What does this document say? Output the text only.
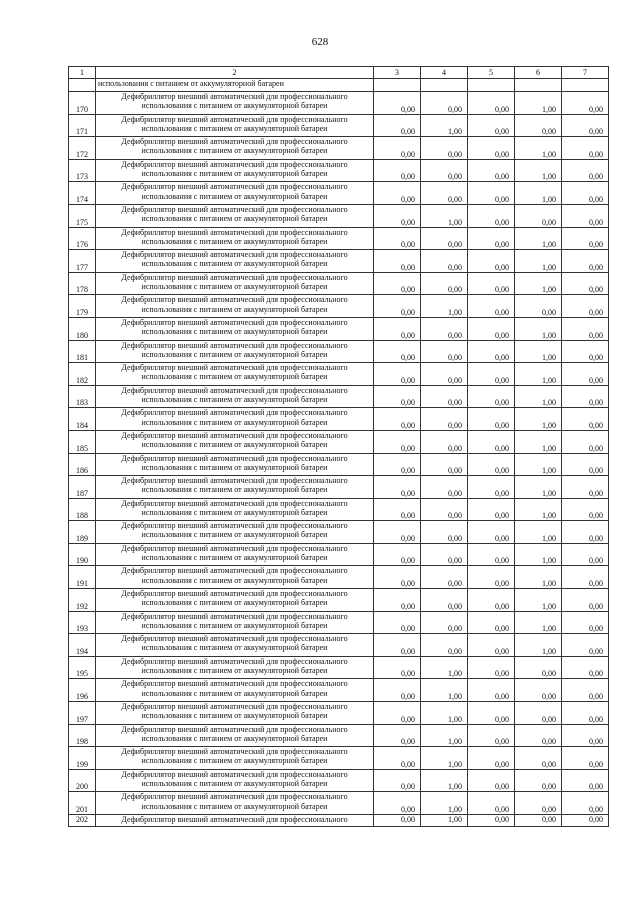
628
1	2	3	4	5	6	7
	использования с питанием от аккумуляторной батареи					
170	Дефибриллятор внешний автоматический для профессионального использования с питанием от аккумуляторной батареи	0,00	0,00	0,00	1,00	0,00
171	Дефибриллятор внешний автоматический для профессионального использования с питанием от аккумуляторной батареи	0,00	1,00	0,00	0,00	0,00
172	Дефибриллятор внешний автоматический для профессионального использования с питанием от аккумуляторной батареи	0,00	0,00	0,00	1,00	0,00
173	Дефибриллятор внешний автоматический для профессионального использования с питанием от аккумуляторной батареи	0,00	0,00	0,00	1,00	0,00
174	Дефибриллятор внешний автоматический для профессионального использования с питанием от аккумуляторной батареи	0,00	0,00	0,00	1,00	0,00
175	Дефибриллятор внешний автоматический для профессионального использования с питанием от аккумуляторной батареи	0,00	1,00	0,00	0,00	0,00
176	Дефибриллятор внешний автоматический для профессионального использования с питанием от аккумуляторной батареи	0,00	0,00	0,00	1,00	0,00
177	Дефибриллятор внешний автоматический для профессионального использования с питанием от аккумуляторной батареи	0,00	0,00	0,00	1,00	0,00
178	Дефибриллятор внешний автоматический для профессионального использования с питанием от аккумуляторной батареи	0,00	0,00	0,00	1,00	0,00
179	Дефибриллятор внешний автоматический для профессионального использования с питанием от аккумуляторной батареи	0,00	1,00	0,00	0,00	0,00
180	Дефибриллятор внешний автоматический для профессионального использования с питанием от аккумуляторной батареи	0,00	0,00	0,00	1,00	0,00
181	Дефибриллятор внешний автоматический для профессионального использования с питанием от аккумуляторной батареи	0,00	0,00	0,00	1,00	0,00
182	Дефибриллятор внешний автоматический для профессионального использования с питанием от аккумуляторной батареи	0,00	0,00	0,00	1,00	0,00
183	Дефибриллятор внешний автоматический для профессионального использования с питанием от аккумуляторной батареи	0,00	0,00	0,00	1,00	0,00
184	Дефибриллятор внешний автоматический для профессионального использования с питанием от аккумуляторной батареи	0,00	0,00	0,00	1,00	0,00
185	Дефибриллятор внешний автоматический для профессионального использования с питанием от аккумуляторной батареи	0,00	0,00	0,00	1,00	0,00
186	Дефибриллятор внешний автоматический для профессионального использования с питанием от аккумуляторной батареи	0,00	0,00	0,00	1,00	0,00
187	Дефибриллятор внешний автоматический для профессионального использования с питанием от аккумуляторной батареи	0,00	0,00	0,00	1,00	0,00
188	Дефибриллятор внешний автоматический для профессионального использования с питанием от аккумуляторной батареи	0,00	0,00	0,00	1,00	0,00
189	Дефибриллятор внешний автоматический для профессионального использования с питанием от аккумуляторной батареи	0,00	0,00	0,00	1,00	0,00
190	Дефибриллятор внешний автоматический для профессионального использования с питанием от аккумуляторной батареи	0,00	0,00	0,00	1,00	0,00
191	Дефибриллятор внешний автоматический для профессионального использования с питанием от аккумуляторной батареи	0,00	0,00	0,00	1,00	0,00
192	Дефибриллятор внешний автоматический для профессионального использования с питанием от аккумуляторной батареи	0,00	0,00	0,00	1,00	0,00
193	Дефибриллятор внешний автоматический для профессионального использования с питанием от аккумуляторной батареи	0,00	0,00	0,00	1,00	0,00
194	Дефибриллятор внешний автоматический для профессионального использования с питанием от аккумуляторной батареи	0,00	0,00	0,00	1,00	0,00
195	Дефибриллятор внешний автоматический для профессионального использования с питанием от аккумуляторной батареи	0,00	1,00	0,00	0,00	0,00
196	Дефибриллятор внешний автоматический для профессионального использования с питанием от аккумуляторной батареи	0,00	1,00	0,00	0,00	0,00
197	Дефибриллятор внешний автоматический для профессионального использования с питанием от аккумуляторной батареи	0,00	1,00	0,00	0,00	0,00
198	Дефибриллятор внешний автоматический для профессионального использования с питанием от аккумуляторной батареи	0,00	1,00	0,00	0,00	0,00
199	Дефибриллятор внешний автоматический для профессионального использования с питанием от аккумуляторной батареи	0,00	1,00	0,00	0,00	0,00
200	Дефибриллятор внешний автоматический для профессионального использования с питанием от аккумуляторной батареи	0,00	1,00	0,00	0,00	0,00
201	Дефибриллятор внешний автоматический для профессионального использования с питанием от аккумуляторной батареи	0,00	1,00	0,00	0,00	0,00
202	Дефибриллятор внешний автоматический для профессионального	0,00	1,00	0,00	0,00	0,00
